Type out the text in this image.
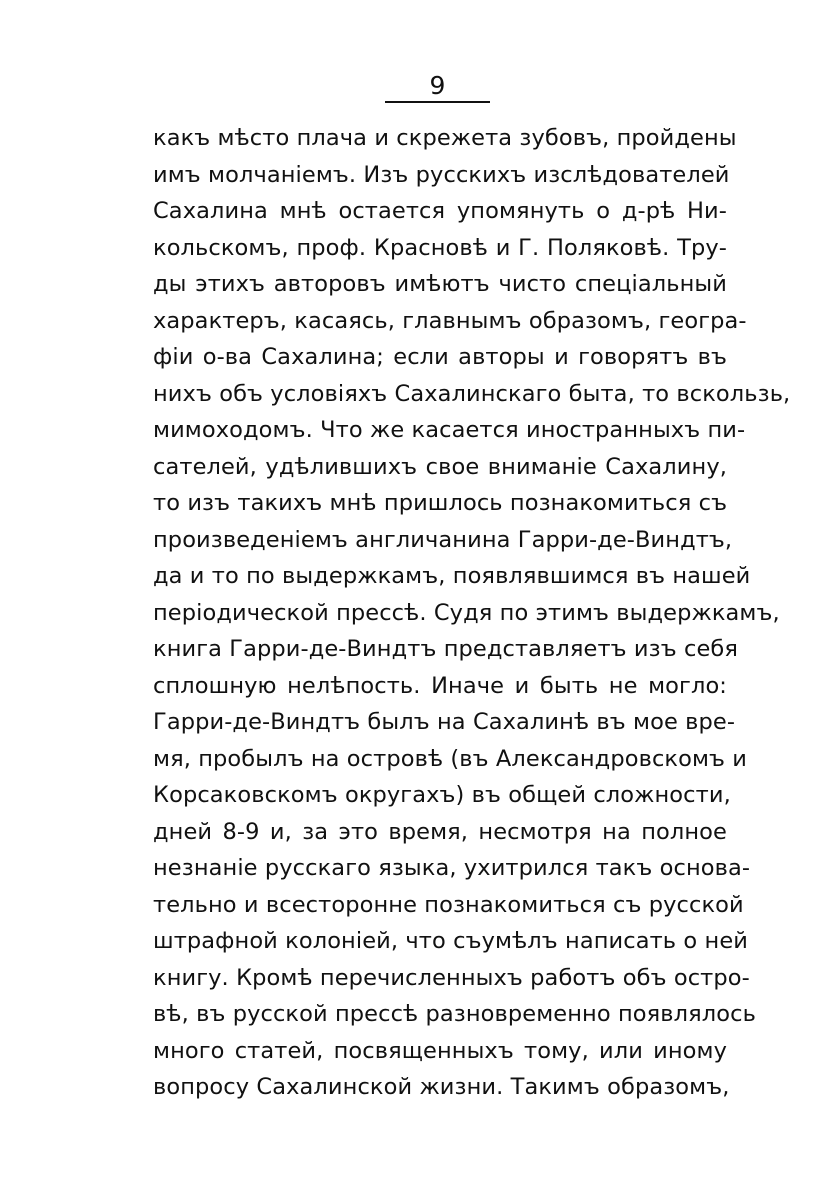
9
какъ мѣсто плача и скрежета зубовъ, пройдены
имъ молчаніемъ. Изъ русскихъ изслѣдователей
Сахалина мнѣ остается упомянуть о д-рѣ Ни-
кольскомъ, проф. Красновѣ и Г. Поляковѣ. Тру-
ды этихъ авторовъ имѣютъ чисто спеціальный
характеръ, касаясь, главнымъ образомъ, геогра-
фіи о-ва Сахалина; если авторы и говорятъ въ
нихъ объ условіяхъ Сахалинскаго быта, то вскользь,
мимоходомъ. Что же касается иностранныхъ пи-
сателей, удѣлившихъ свое вниманіе Сахалину,
то изъ такихъ мнѣ пришлось познакомиться съ
произведеніемъ англичанина Гарри-де-Виндтъ,
да и то по выдержкамъ, появлявшимся въ нашей
періодической прессѣ. Судя по этимъ выдержкамъ,
книга Гарри-де-Виндтъ представляетъ изъ себя
сплошную нелѣпость. Иначе и быть не могло:
Гарри-де-Виндтъ былъ на Сахалинѣ въ мое вре-
мя, пробылъ на островѣ (въ Александровскомъ и
Корсаковскомъ округахъ) въ общей сложности,
дней 8-9 и, за это время, несмотря на полное
незнаніе русскаго языка, ухитрился такъ основа-
тельно и всесторонне познакомиться съ русской
штрафной колоніей, что съумѣлъ написать о ней
книгу. Кромѣ перечисленныхъ работъ объ остро-
вѣ, въ русской прессѣ разновременно появлялось
много статей, посвященныхъ тому, или иному
вопросу Сахалинской жизни. Такимъ образомъ,
